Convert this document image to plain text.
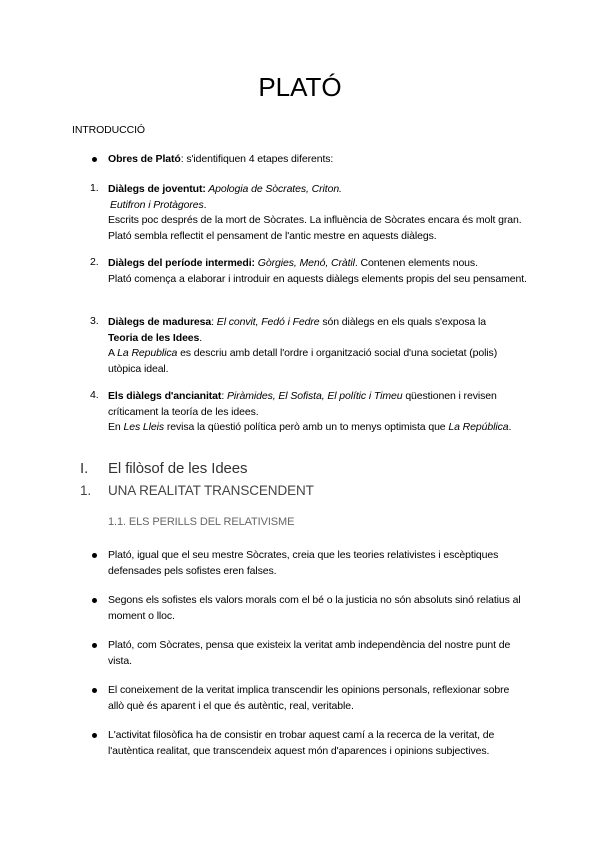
PLATÓ
INTRODUCCIÓ
Obres de Plató: s'identifiquen 4 etapes diferents:
1. Diàlegs de joventut: Apologia de Sòcrates, Criton.
Eutifron i Protàgores.
Escrits poc després de la mort de Sòcrates. La influència de Sòcrates encara és molt gran. Plató sembla reflectit el pensament de l'antic mestre en aquests diàlegs.
2. Diàlegs del període intermedi: Gòrgies, Menó, Cràtil. Contenen elements nous.
Plató comença a elaborar i introduir en aquests diàlegs elements propis del seu pensament.
3. Diàlegs de maduresa: El convit, Fedó i Fedre són diàlegs en els quals s'exposa la
Teoria de les Idees.
A La Republica es descriu amb detall l'ordre i organització social d'una societat (polis) utòpica ideal.
4. Els diàlegs d'ancianitat: Piràmides, El Sofista, El polític i Timeu qüestionen i revisen críticament la teoría de les idees.
En Les Lleis revisa la qüestió política però amb un to menys optimista que La República.
I. El filòsof de les Idees
1. UNA REALITAT TRANSCENDENT
1.1. ELS PERILLS DEL RELATIVISME
Plató, igual que el seu mestre Sòcrates, creia que les teories relativistes i escèptiques defensades pels sofistes eren falses.
Segons els sofistes els valors morals com el bé o la justicia no són absoluts sinó relatius al moment o lloc.
Plató, com Sòcrates, pensa que existeix la veritat amb independència del nostre punt de vista.
El coneixement de la veritat implica transcendir les opinions personals, reflexionar sobre allò què és aparent i el que és autèntic, real, veritable.
L'activitat filosòfica ha de consistir en trobar aquest camí a la recerca de la veritat, de l'autèntica realitat, que transcendeix aquest món d'aparences i opinions subjectives.
